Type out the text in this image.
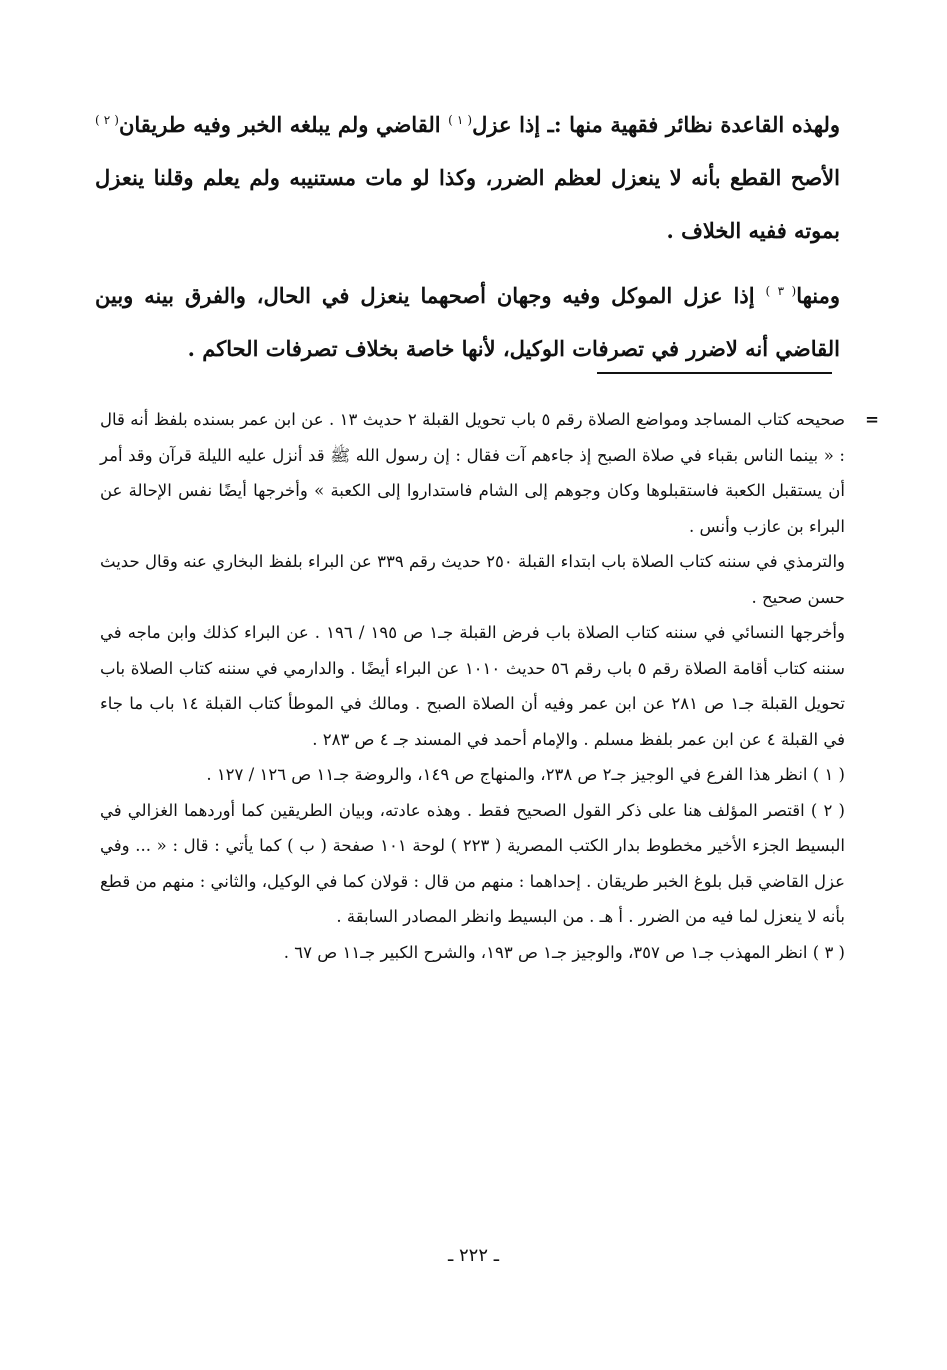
ولهذه القاعدة نظائر فقهية منها :ـ إذا عزل$^{( ١ )}$ القاضي ولم يبلغه الخبر وفيه طريقان$^{( ٢ )}$ الأصح القطع بأنه لا ينعزل لعظم الضرر، وكذا لو مات مستنيبه ولم يعلم وقلنا ينعزل بموته ففيه الخلاف .

ومنها$^{( ٣ )}$ إذا عزل الموكل وفيه وجهان أصحهما ينعزل في الحال، والفرق بينه وبين القاضي أنه لاضرر في تصرفات الوكيل، لأنها خاصة بخلاف تصرفات الحاكم .

=
صحيحه كتاب المساجد ومواضع الصلاة رقم ٥ باب تحويل القبلة ٢ حديث ١٣ . عن ابن عمر بسنده بلفظ أنه قال : « بينما الناس بقباء في صلاة الصبح إذ جاءهم آت فقال : إن رسول الله ﷺ قد أنزل عليه الليلة قرآن وقد أمر أن يستقبل الكعبة فاستقبلوها وكان وجوهم إلى الشام فاستداروا إلى الكعبة » وأخرجها أيضًا نفس الإحالة عن البراء بن عازب وأنس .

والترمذي في سننه كتاب الصلاة باب ابتداء القبلة ٢٥٠ حديث رقم ٣٣٩ عن البراء بلفظ البخاري عنه وقال حديث حسن صحيح .

وأخرجها النسائي في سننه كتاب الصلاة باب فرض القبلة جـ١ ص ١٩٥ / ١٩٦ . عن البراء كذلك وابن ماجه في سننه كتاب أقامة الصلاة رقم ٥ باب رقم ٥٦ حديث ١٠١٠ عن البراء أيضًا . والدارمي في سننه كتاب الصلاة باب تحويل القبلة جـ١ ص ٢٨١ عن ابن عمر وفيه أن الصلاة الصبح . ومالك في الموطأ كتاب القبلة ١٤ باب ما جاء في القبلة ٤ عن ابن عمر بلفظ مسلم . والإمام أحمد في المسند جـ ٤ ص ٢٨٣ .

( ١ ) انظر هذا الفرع في الوجيز جـ٢ ص ٢٣٨، والمنهاج ص ١٤٩، والروضة جـ١١ ص ١٢٦ / ١٢٧ .

( ٢ ) اقتصر المؤلف هنا على ذكر القول الصحيح فقط . وهذه عادته، وبيان الطريقين كما أوردهما الغزالي في البسيط الجزء الأخير مخطوط بدار الكتب المصرية ( ٢٢٣ ) لوحة ١٠١ صفحة ( ب ) كما يأتي : قال : « ... وفي عزل القاضي قبل بلوغ الخبر طريقان . إحداهما : منهم من قال : قولان كما في الوكيل، والثاني : منهم من قطع بأنه لا ينعزل لما فيه من الضرر . أ هـ . من البسيط وانظر المصادر السابقة .

( ٣ ) انظر المهذب جـ١ ص ٣٥٧، والوجيز جـ١ ص ١٩٣، والشرح الكبير جـ١١ ص ٦٧ .

ـ ٢٢٢ ـ
